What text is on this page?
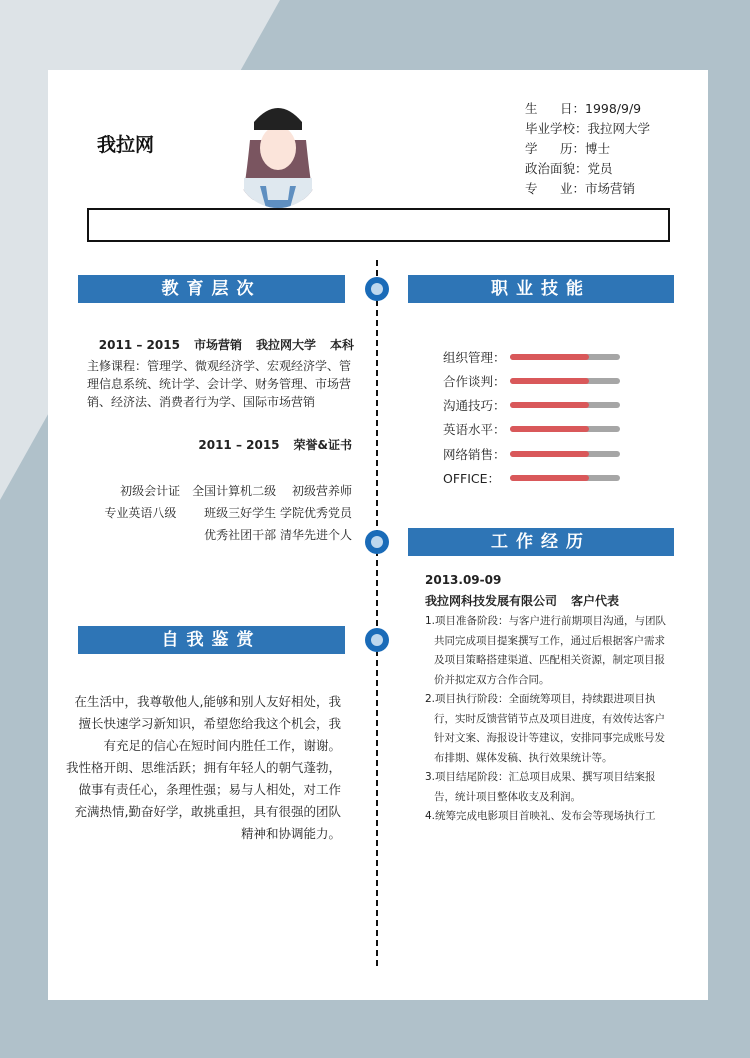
我拉网
生 日： 1998/9/9
毕业学校 ： 我拉网大学
学 历： 博士
政治面貌 ： 党员
专 业： 市场营销
教育层次	职业技能
工作经历
自我鉴赏
2011 – 2015 市场营销 我拉网大学 本科
主修课程：管理学、微观经济学、宏观经济学、管
理信息系统、统计学、会计学、财务管理、市场营
销、经济法、消费者行为学、国际市场营销
2011 – 2015 荣誉&证书

初级会计证　全国计算机二级　 初级营养师
专业英语八级　　 班级三好学生 学院优秀党员
优秀社团干部 清华先进个人
组织管理：
合作谈判：
沟通技巧：
英语水平：
网络销售：
OFFICE：
2013.09-09
我拉网科技发展有限公司 客户代表

1.项目准备阶段：与客户进行前期项目沟通，与团队共同完成项目提案撰写工作，通过后根据客户需求及项目策略搭建渠道、匹配相关资源，制定项目报价并拟定双方合作合同。

2.项目执行阶段：全面统筹项目，持续跟进项目执行，实时反馈营销节点及项目进度，有效传达客户针对文案、海报设计等建议，安排同事完成账号发布排期、媒体发稿、执行效果统计等。

3.项目结尾阶段：汇总项目成果、撰写项目结案报告，统计项目整体收支及利润。

4.统筹完成电影项目首映礼、发布会等现场执行工

在生活中，我尊敬他人,能够和别人友好相处，我
擅长快速学习新知识，希望您给我这个机会，我
有充足的信心在短时间内胜任工作，谢谢。
我性格开朗、思维活跃；拥有年轻人的朝气蓬勃，
做事有责任心，条理性强；易与人相处，对工作
充满热情,勤奋好学，敢挑重担，具有很强的团队
精神和协调能力。
